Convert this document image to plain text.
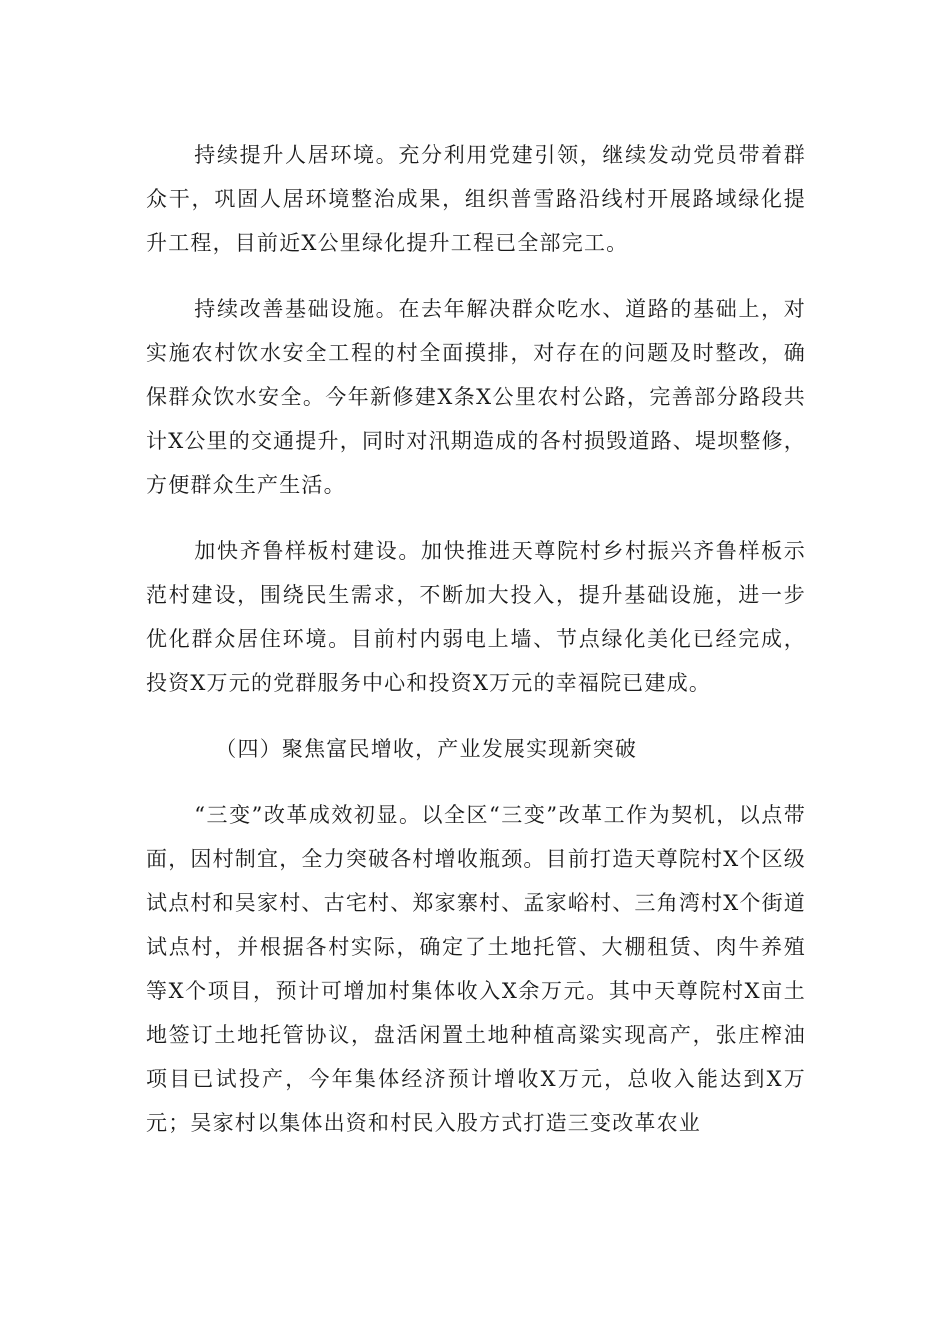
持续提升人居环境。充分利用党建引领，继续发动党员带着群众干，巩固人居环境整治成果，组织普雪路沿线村开展路域绿化提升工程，目前近X公里绿化提升工程已全部完工。

持续改善基础设施。在去年解决群众吃水、道路的基础上，对实施农村饮水安全工程的村全面摸排，对存在的问题及时整改，确保群众饮水安全。今年新修建X条X公里农村公路，完善部分路段共计X公里的交通提升，同时对汛期造成的各村损毁道路、堤坝整修，方便群众生产生活。

加快齐鲁样板村建设。加快推进天尊院村乡村振兴齐鲁样板示范村建设，围绕民生需求，不断加大投入，提升基础设施，进一步优化群众居住环境。目前村内弱电上墙、节点绿化美化已经完成，投资X万元的党群服务中心和投资X万元的幸福院已建成。

（四）聚焦富民增收，产业发展实现新突破

“三变”改革成效初显。以全区“三变”改革工作为契机，以点带面，因村制宜，全力突破各村增收瓶颈。目前打造天尊院村X个区级试点村和吴家村、古宅村、郑家寨村、孟家峪村、三角湾村X个街道试点村，并根据各村实际，确定了土地托管、大棚租赁、肉牛养殖等X个项目，预计可增加村集体收入X余万元。其中天尊院村X亩土地签订土地托管协议，盘活闲置土地种植高粱实现高产，张庄榨油项目已试投产，今年集体经济预计增收X万元，总收入能达到X万元；吴家村以集体出资和村民入股方式打造三变改革农业
